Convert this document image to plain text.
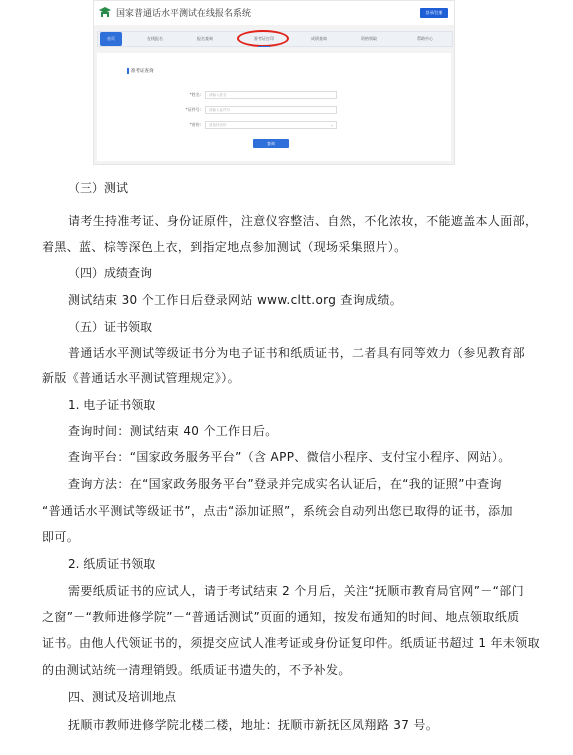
国家普通话水平测试在线报名系统	登录/注册
首页	在线报名	报名查询	准考证打印	成绩查询	资格领取	帮助中心
准考证查询
*姓名:	请输入姓名
*证件号:	请输入证件号
*省份:	请选择省份	⌄
查询
（三）测试
请考生持准考证、身份证原件，注意仪容整洁、自然，不化浓妆，不能遮盖本人面部，
着黑、蓝、棕等深色上衣，到指定地点参加测试（现场采集照片）。
（四）成绩查询
测试结束 30 个工作日后登录网站 www.cltt.org 查询成绩。
（五）证书领取
普通话水平测试等级证书分为电子证书和纸质证书，二者具有同等效力（参见教育部
新版《普通话水平测试管理规定》）。
1. 电子证书领取
查询时间：测试结束 40 个工作日后。
查询平台：“国家政务服务平台”（含 APP、微信小程序、支付宝小程序、网站）。
查询方法：在“国家政务服务平台”登录并完成实名认证后，在“我的证照”中查询
“普通话水平测试等级证书”，点击“添加证照”，系统会自动列出您已取得的证书，添加
即可。
2. 纸质证书领取
需要纸质证书的应试人，请于考试结束 2 个月后，关注“抚顺市教育局官网”－“部门
之窗”－“教师进修学院”－“普通话测试”页面的通知，按发布通知的时间、地点领取纸质
证书。由他人代领证书的，须提交应试人准考证或身份证复印件。纸质证书超过 1 年未领取
的由测试站统一清理销毁。纸质证书遗失的，不予补发。
四、测试及培训地点
抚顺市教师进修学院北楼二楼，地址：抚顺市新抚区凤翔路 37 号。
